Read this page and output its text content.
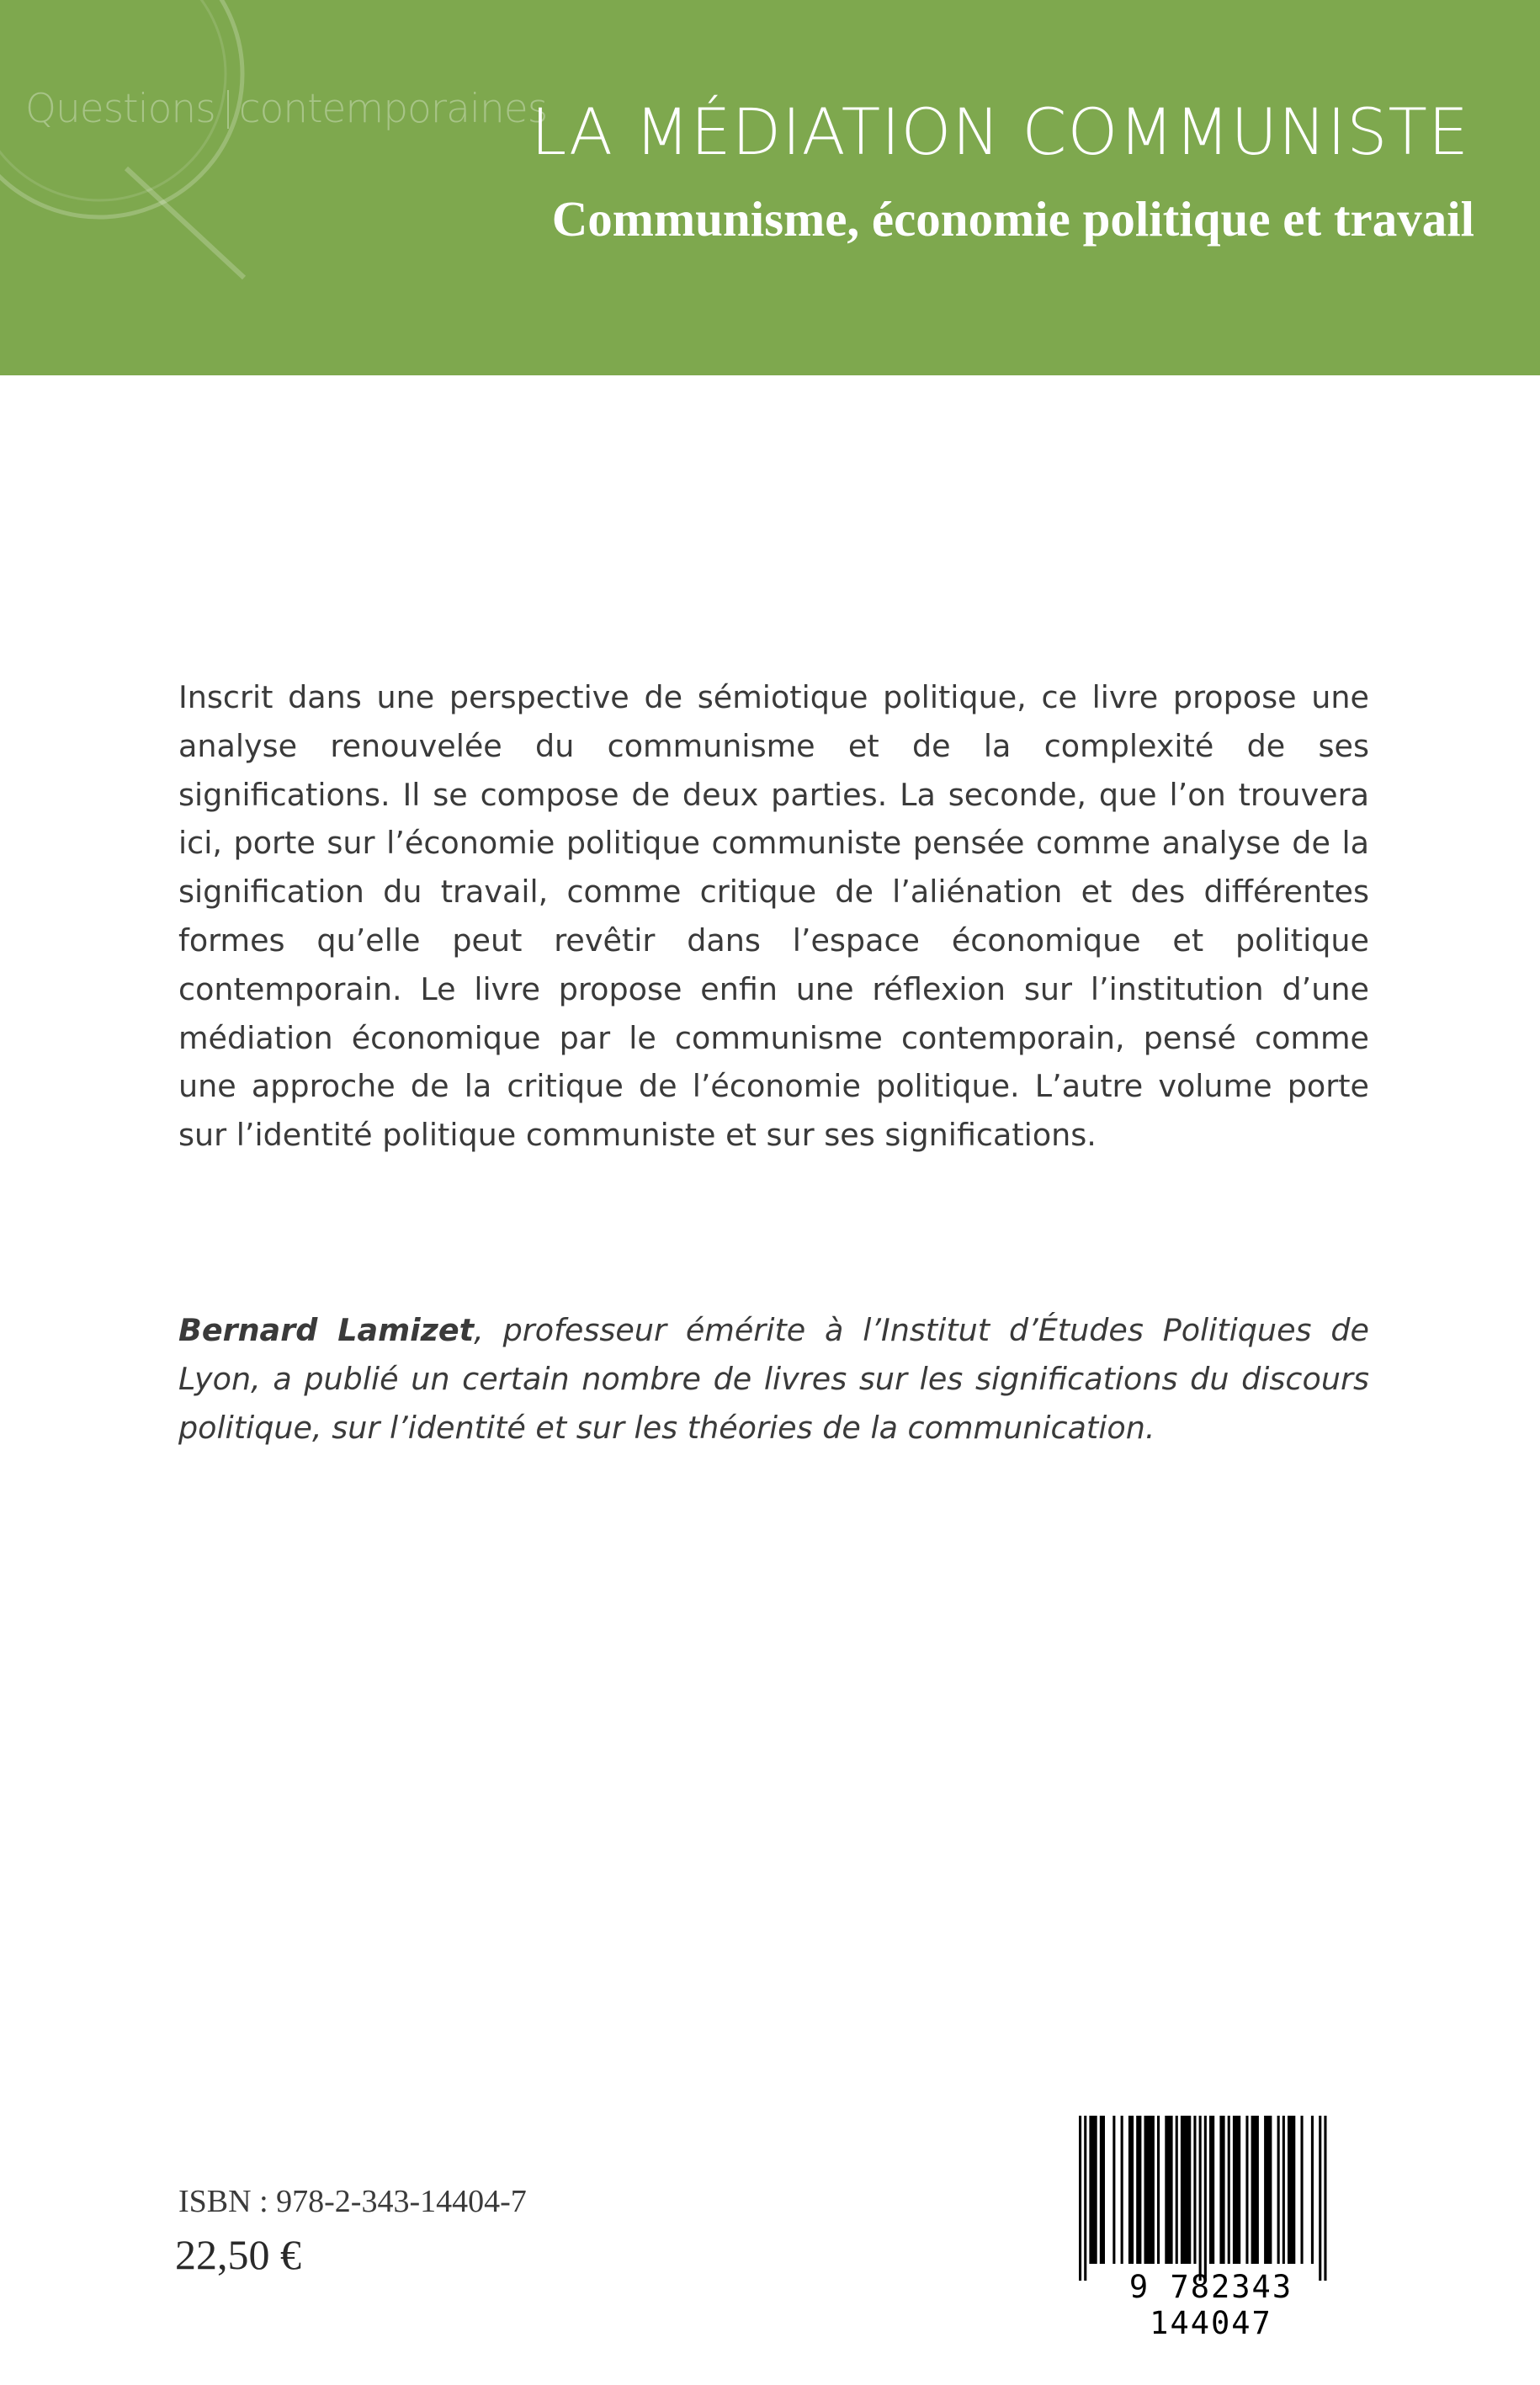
Questions contemporaines
LA MÉDIATION COMMUNISTE
Communisme, économie politique et travail

Inscrit dans une perspective de sémiotique politique, ce livre propose une analyse renouvelée du communisme et de la complexité de ses significations. Il se compose de deux parties. La seconde, que l’on trouvera ici, porte sur l’économie politique communiste pensée comme analyse de la signification du travail, comme critique de l’aliénation et des différentes formes qu’elle peut revêtir dans l’espace économique et politique contemporain. Le livre propose enfin une réflexion sur l’institution d’une médiation économique par le communisme contemporain, pensé comme une approche de la critique de l’économie politique. L’autre volume porte sur l’identité politique communiste et sur ses significations.

Bernard Lamizet, professeur émérite à l’Institut d’Études Politiques de Lyon, a publié un certain nombre de livres sur les significations du discours politique, sur l’identité et sur les théories de la communication.

ISBN : 978-2-343-14404-7
22,50 €
9 782343 144047
